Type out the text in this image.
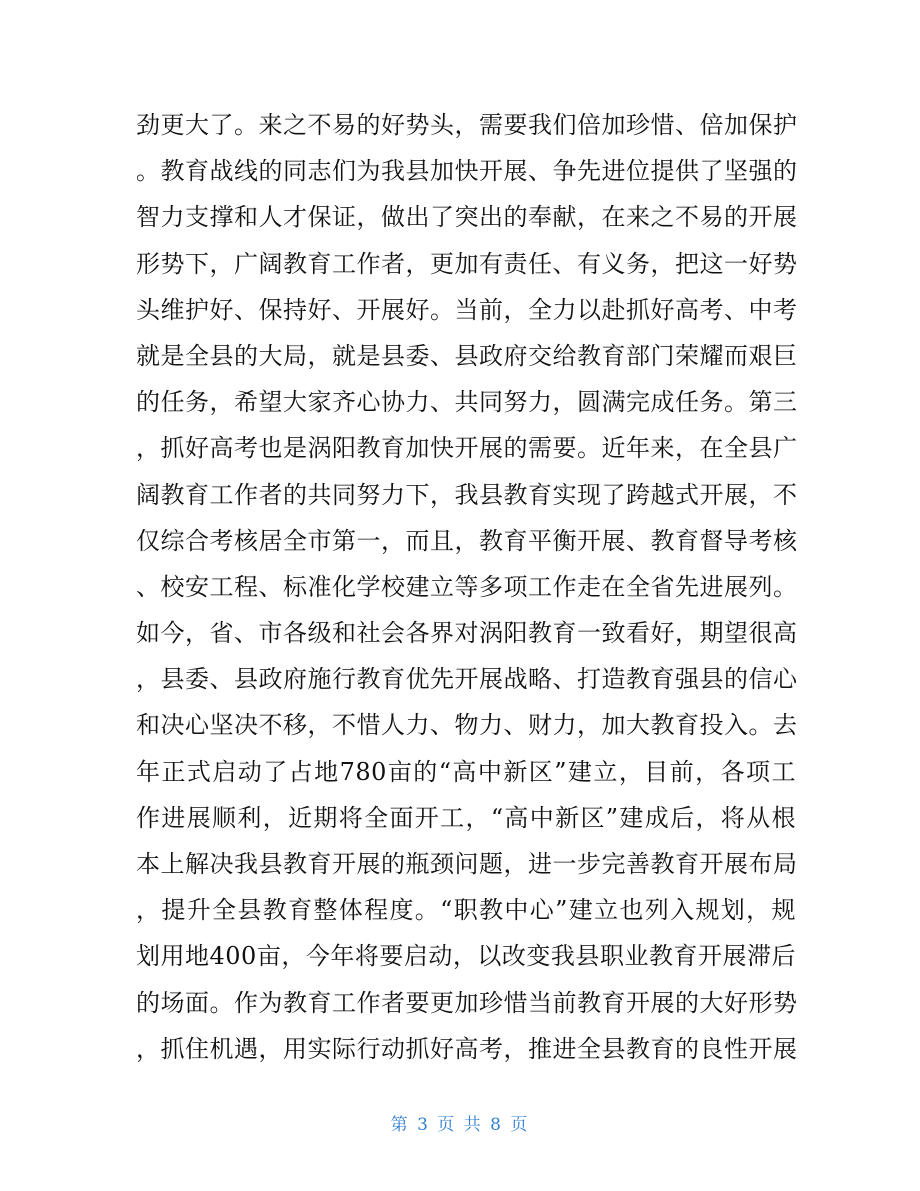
劲更大了。来之不易的好势头，需要我们倍加珍惜、倍加保护
。教育战线的同志们为我县加快开展、争先进位提供了坚强的
智力支撑和人才保证，做出了突出的奉献，在来之不易的开展
形势下，广阔教育工作者，更加有责任、有义务，把这一好势
头维护好、保持好、开展好。当前，全力以赴抓好高考、中考
就是全县的大局，就是县委、县政府交给教育部门荣耀而艰巨
的任务，希望大家齐心协力、共同努力，圆满完成任务。第三
，抓好高考也是涡阳教育加快开展的需要。近年来，在全县广
阔教育工作者的共同努力下，我县教育实现了跨越式开展，不
仅综合考核居全市第一，而且，教育平衡开展、教育督导考核
、校安工程、标准化学校建立等多项工作走在全省先进展列。
如今，省、市各级和社会各界对涡阳教育一致看好，期望很高
，县委、县政府施行教育优先开展战略、打造教育强县的信心
和决心坚决不移，不惜人力、物力、财力，加大教育投入。去
年正式启动了占地780亩的“高中新区”建立，目前，各项工
作进展顺利，近期将全面开工，“高中新区”建成后，将从根
本上解决我县教育开展的瓶颈问题，进一步完善教育开展布局
，提升全县教育整体程度。“职教中心”建立也列入规划，规
划用地400亩，今年将要启动，以改变我县职业教育开展滞后
的场面。作为教育工作者要更加珍惜当前教育开展的大好形势
，抓住机遇，用实际行动抓好高考，推进全县教育的良性开展
第 3 页 共 8 页
